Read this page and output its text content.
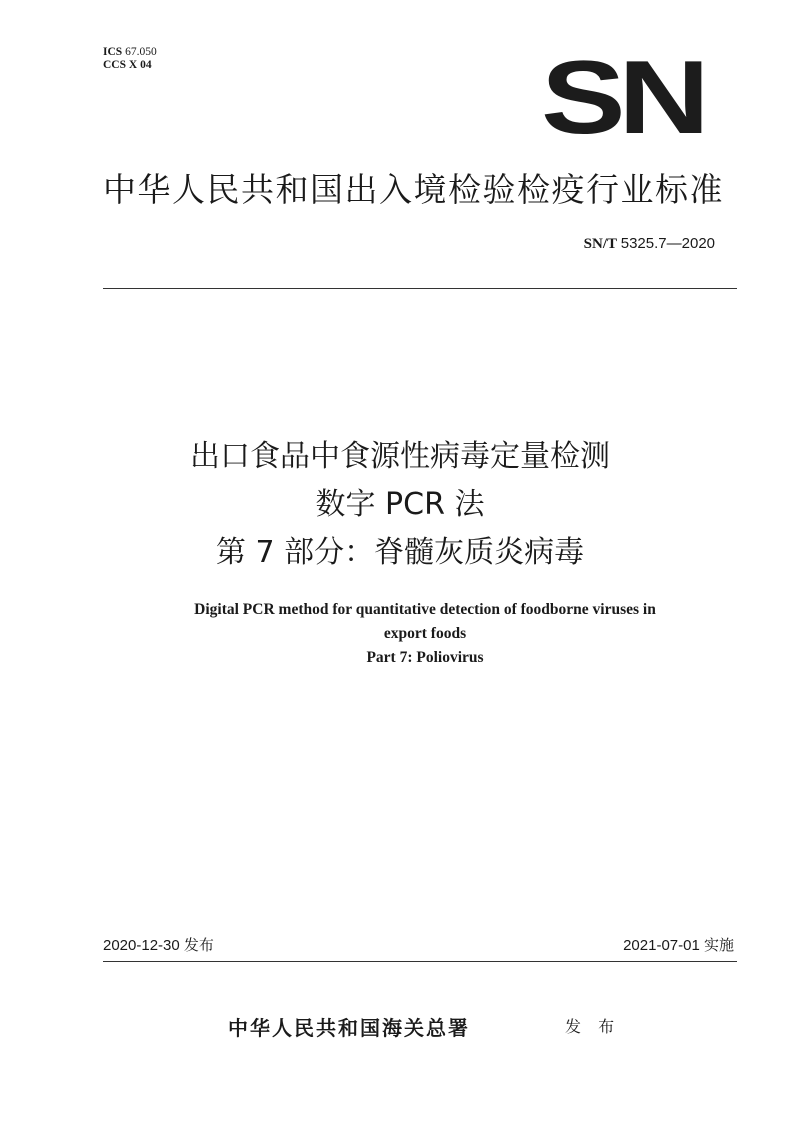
ICS 67.050
CCS X 04	SN
中华人民共和国出入境检验检疫行业标准
SN/T 5325.7—2020
出口食品中食源性病毒定量检测
数字 PCR 法
第 7 部分：脊髓灰质炎病毒
Digital PCR method for quantitative detection of foodborne viruses in
export foods
Part 7: Poliovirus
2020-12-30 发布	2021-07-01 实施
中华人民共和国海关总署	发 布
